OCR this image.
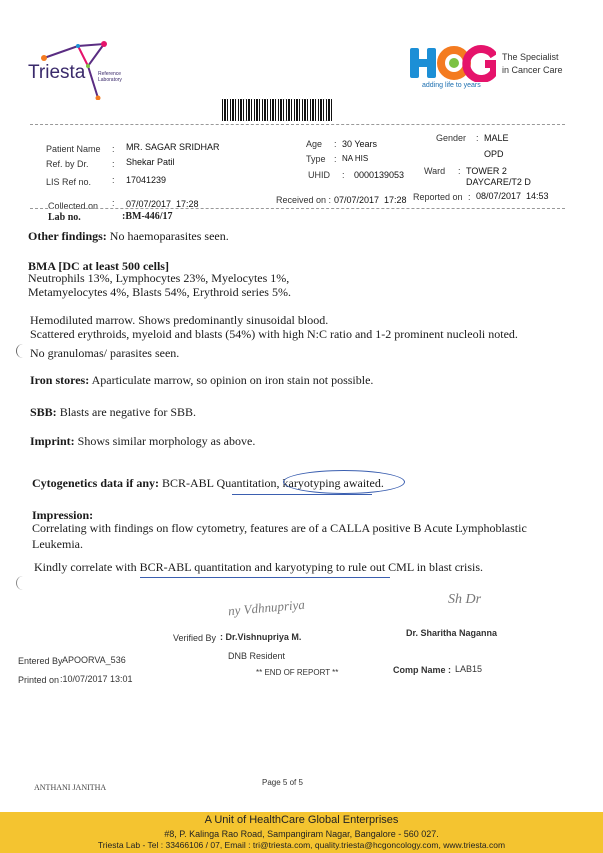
Triesta	Reference
Laboratory
The Specialist
in Cancer Care
adding life to years
Patient Name : MR. SAGAR SRIDHAR
Ref. by Dr.	: Shekar Patil
LIS Ref no. : 17041239
Age : 30 Years
Type : NA HIS
UHID : 0000139053
Gender : MALE
OPD
Ward : TOWER 2
DAYCARE/T2 D
Collected on : 07/07/2017  17:28	Received on : 07/07/2017  17:28 Reported on : 08/07/2017  14:53
Lab no.	:BM-446/17
Other findings: No haemoparasites seen.
BMA [DC at least 500 cells]
Neutrophils 13%, Lymphocytes 23%, Myelocytes 1%,
Metamyelocytes 4%, Blasts 54%, Erythroid series 5%.
Hemodiluted marrow. Shows predominantly sinusoidal blood.
Scattered erythroids, myeloid and blasts (54%) with high N:C ratio and 1-2 prominent nucleoli noted.
No granulomas/ parasites seen.
Iron stores: Aparticulate marrow, so opinion on iron stain not possible.
SBB: Blasts are negative for SBB.
Imprint: Shows similar morphology as above.
Cytogenetics data if any: BCR-ABL Quantitation, karyotyping awaited.
Impression:
Correlating with findings on flow cytometry, features are of a CALLA positive B Acute Lymphoblastic
Leukemia.
Kindly correlate with BCR-ABL quantitation and karyotyping to rule out CML in blast crisis.
ny Vdhnupriya	Sh Dr
Verified By : Dr.Vishnupriya M.
DNB Resident
Dr. Sharitha Naganna
Entered By APOORVA_536
Printed on :10/07/2017 13:01
** END OF REPORT **	Comp Name : LAB15
ANTHANI JANITHA
Page 5 of 5
A Unit of HealthCare Global Enterprises
#8, P. Kalinga Rao Road, Sampangiram Nagar, Bangalore - 560 027.
Triesta Lab - Tel : 33466106 / 07, Email : tri@triesta.com, quality.triesta@hcgoncology.com, www.triesta.com
